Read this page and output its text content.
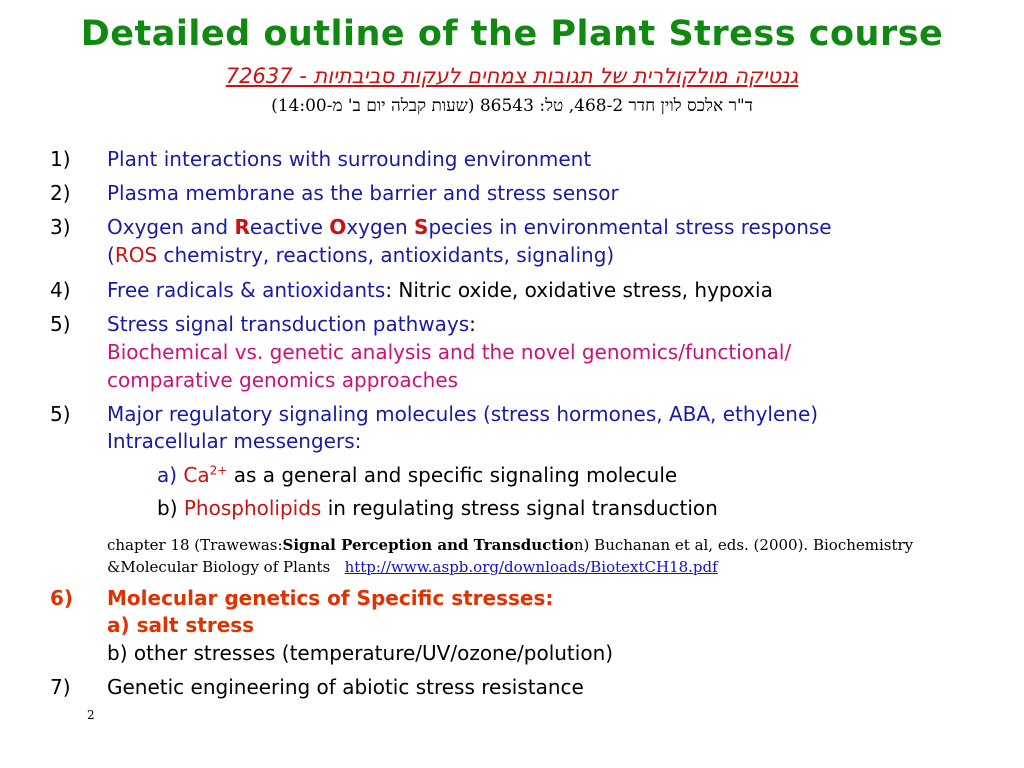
Detailed outline of the Plant Stress course
גנטיקה מולקולרית של תגובות צמחים לעקות סביבתיות - 72637
ד"ר אלכס לוין חדר 468-2, טל: 86543 (שעות קבלה יום ב' מ-14:00)
1)	Plant interactions with surrounding environment
2)	Plasma membrane as the barrier and stress sensor
3)	Oxygen and Reactive Oxygen Species in environmental stress response
(ROS chemistry, reactions, antioxidants, signaling)
4)	Free radicals & antioxidants: Nitric oxide, oxidative stress, hypoxia
5)	Stress signal transduction pathways:
Biochemical vs. genetic analysis and the novel genomics/functional/
comparative genomics approaches
5)	Major regulatory signaling molecules (stress hormones, ABA, ethylene)
Intracellular messengers:
a) $Ca^{2+}$ as a general and specific signaling molecule
b) Phospholipids in regulating stress signal transduction
chapter 18 (Trawewas:Signal Perception and Transduction) Buchanan et al, eds. (2000). Biochemistry
&Molecular Biology of Plants   http://www.aspb.org/downloads/BiotextCH18.pdf
6)	Molecular genetics of Specific stresses:
a) salt stress
b) other stresses (temperature/UV/ozone/polution)
7)	Genetic engineering of abiotic stress resistance
2
